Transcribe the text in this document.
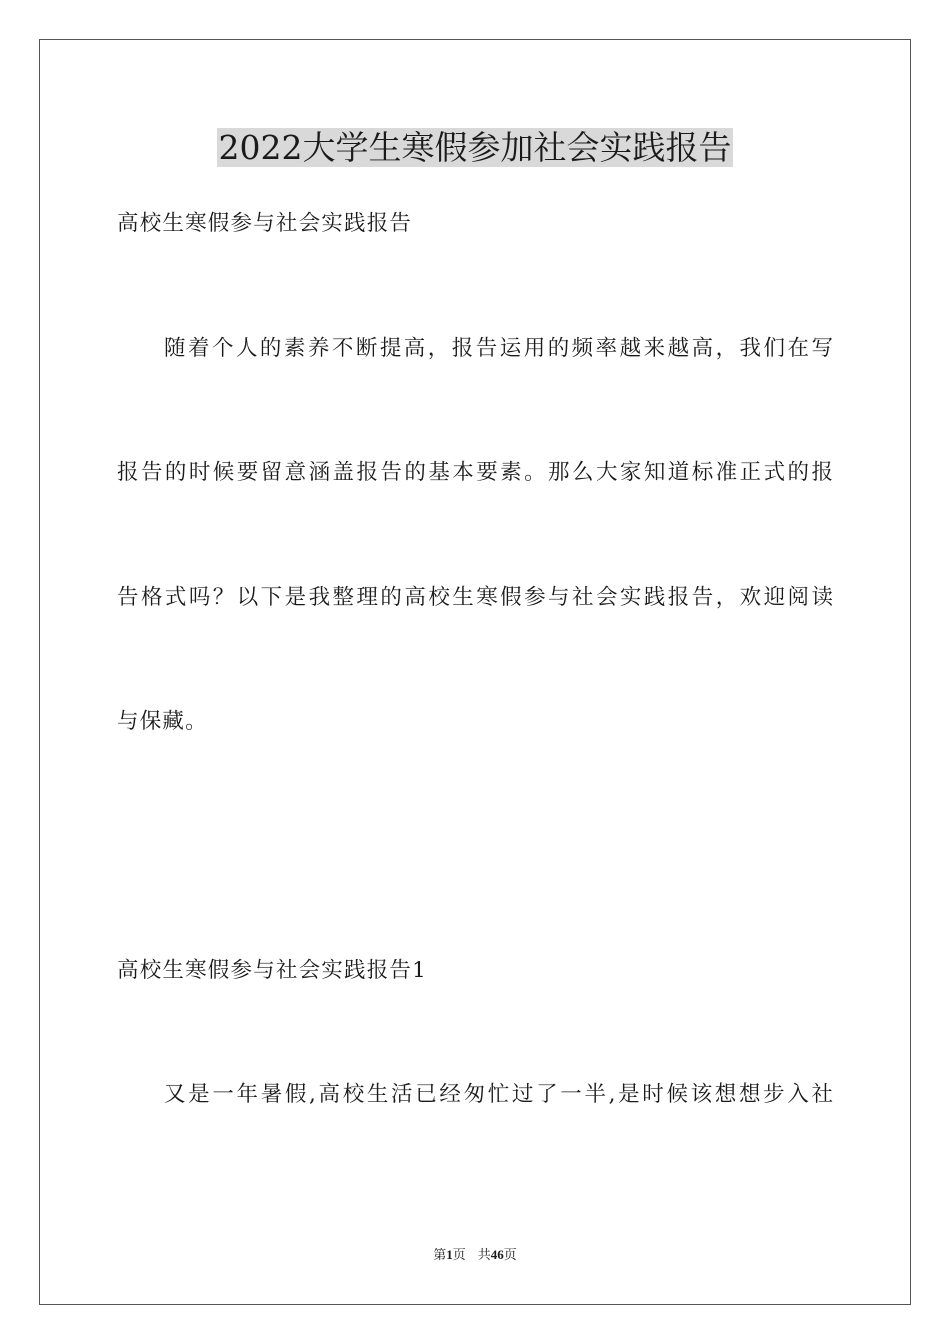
2022大学生寒假参加社会实践报告
高校生寒假参与社会实践报告
随着个人的素养不断提高，报告运用的频率越来越高，我们在写
报告的时候要留意涵盖报告的基本要素。那么大家知道标准正式的报
告格式吗？以下是我整理的高校生寒假参与社会实践报告，欢迎阅读
与保藏。
高校生寒假参与社会实践报告1
又是一年暑假,高校生活已经匆忙过了一半,是时候该想想步入社
第1页 共46页
